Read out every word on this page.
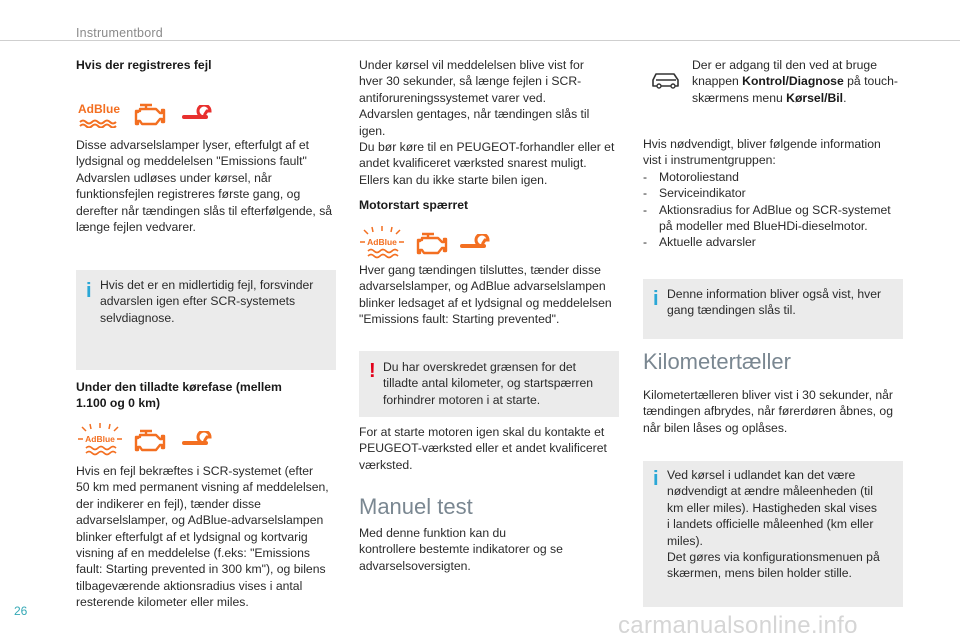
Instrumentbord

Hvis der registreres fejl

AdBlue

Disse advarselslamper lyser, efterfulgt af et

lydsignal og meddelelsen "Emissions fault"

Advarslen udløses under kørsel, når

funktionsfejlen registreres første gang, og

derefter når tændingen slås til efterfølgende, så

længe fejlen vedvarer.

i Hvis det er en midlertidig fejl, forsvinder

advarslen igen efter SCR-systemets

selvdiagnose.

Under den tilladte kørefase (mellem

1.100 og 0 km)

AdBlue

Hvis en fejl bekræftes i SCR-systemet (efter

50 km med permanent visning af meddelelsen,

der indikerer en fejl), tænder disse

advarselslamper, og AdBlue-advarselslampen

blinker efterfulgt af et lydsignal og kortvarig

visning af en meddelelse (f.eks: "Emissions

fault: Starting prevented in 300 km"), og bilens

tilbageværende aktionsradius vises i antal

resterende kilometer eller miles.

Under kørsel vil meddelelsen blive vist for

hver 30 sekunder, så længe fejlen i SCR-

antiforureningssystemet varer ved.

Advarslen gentages, når tændingen slås til

igen.

Du bør køre til en PEUGEOT-forhandler eller et

andet kvalificeret værksted snarest muligt.

Ellers kan du ikke starte bilen igen.

Motorstart spærret

AdBlue

Hver gang tændingen tilsluttes, tænder disse

advarselslamper, og AdBlue advarselslampen

blinker ledsaget af et lydsignal og meddelelsen

"Emissions fault: Starting prevented".

! Du har overskredet grænsen for det

tilladte antal kilometer, og startspærren

forhindrer motoren i at starte.

For at starte motoren igen skal du kontakte et

PEUGEOT-værksted eller et andet kvalificeret

værksted.

Manuel test

Med denne funktion kan du

kontrollere bestemte indikatorer og se

advarselsoversigten.

Der er adgang til den ved at bruge

knappen Kontrol/Diagnose på touch-

skærmens menu Kørsel/Bil.

Hvis nødvendigt, bliver følgende information

vist i instrumentgruppen:

- Motoroliestand
- Serviceindikator
- Aktionsradius for AdBlue og SCR-systemet
på modeller med BlueHDi-dieselmotor.
- Aktuelle advarsler
i Denne information bliver også vist, hver

gang tændingen slås til.

Kilometertæller

Kilometertælleren bliver vist i 30 sekunder, når

tændingen afbrydes, når førerdøren åbnes, og

når bilen låses og oplåses.

i Ved kørsel i udlandet kan det være

nødvendigt at ændre måleenheden (til

km eller miles). Hastigheden skal vises

i landets officielle måleenhed (km eller

miles).

Det gøres via konfigurationsmenuen på

skærmen, mens bilen holder stille.

26
carmanualsonline.info
